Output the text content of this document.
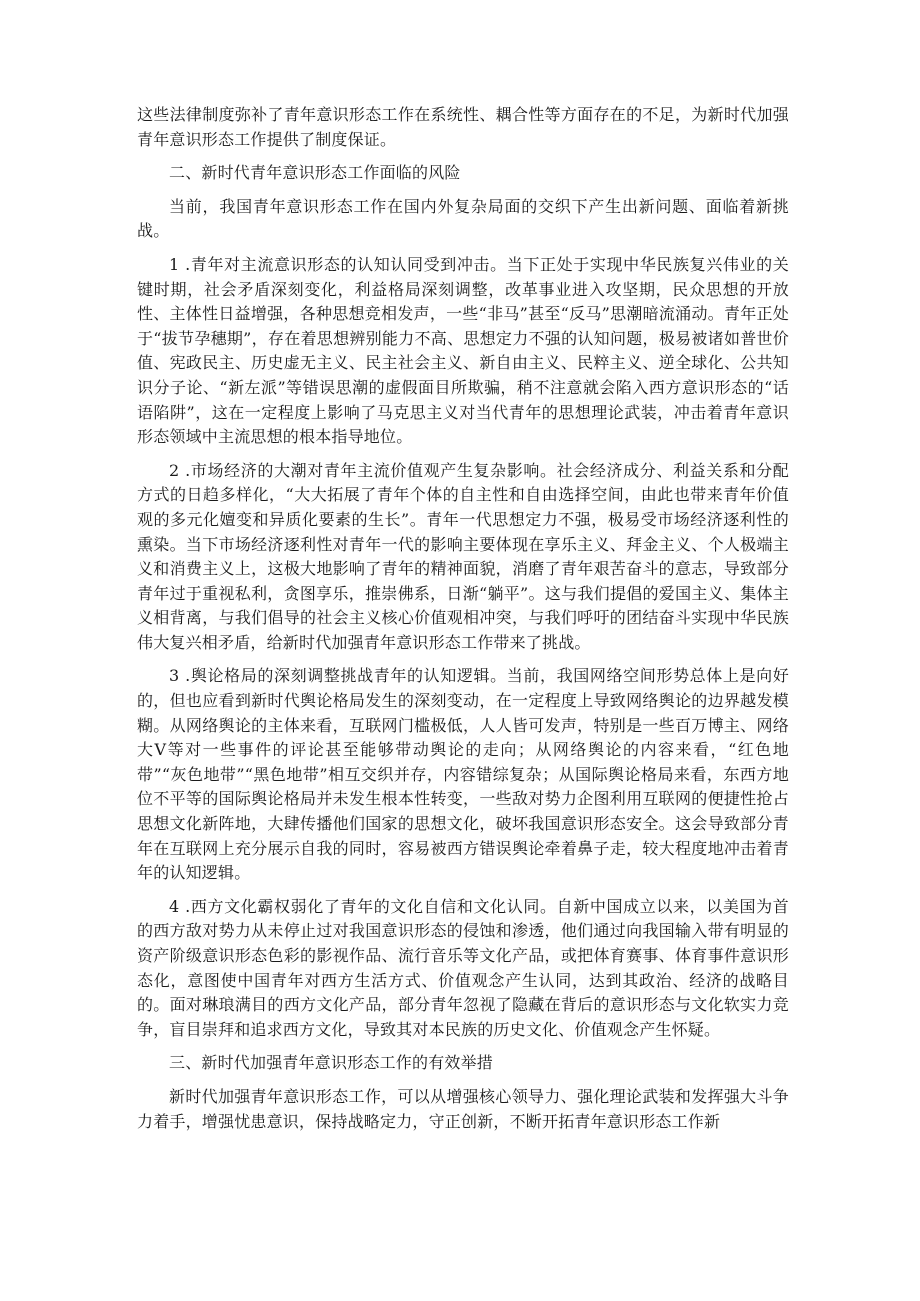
这些法律制度弥补了青年意识形态工作在系统性、耦合性等方面存在的不足，为新时代加强青年意识形态工作提供了制度保证。

二、新时代青年意识形态工作面临的风险

当前，我国青年意识形态工作在国内外复杂局面的交织下产生出新问题、面临着新挑战。

1 .青年对主流意识形态的认知认同受到冲击。当下正处于实现中华民族复兴伟业的关键时期，社会矛盾深刻变化，利益格局深刻调整，改革事业进入攻坚期，民众思想的开放性、主体性日益增强，各种思想竞相发声，一些“非马”甚至“反马”思潮暗流涌动。青年正处于“拔节孕穗期”，存在着思想辨别能力不高、思想定力不强的认知问题，极易被诸如普世价值、宪政民主、历史虚无主义、民主社会主义、新自由主义、民粹主义、逆全球化、公共知识分子论、“新左派”等错误思潮的虚假面目所欺骗，稍不注意就会陷入西方意识形态的“话语陷阱”，这在一定程度上影响了马克思主义对当代青年的思想理论武装，冲击着青年意识形态领域中主流思想的根本指导地位。

2 .市场经济的大潮对青年主流价值观产生复杂影响。社会经济成分、利益关系和分配方式的日趋多样化，“大大拓展了青年个体的自主性和自由选择空间，由此也带来青年价值观的多元化嬗变和异质化要素的生长”。青年一代思想定力不强，极易受市场经济逐利性的熏染。当下市场经济逐利性对青年一代的影响主要体现在享乐主义、拜金主义、个人极端主义和消费主义上，这极大地影响了青年的精神面貌，消磨了青年艰苦奋斗的意志，导致部分青年过于重视私利，贪图享乐，推崇佛系，日渐“躺平”。这与我们提倡的爱国主义、集体主义相背离，与我们倡导的社会主义核心价值观相冲突，与我们呼吁的团结奋斗实现中华民族伟大复兴相矛盾，给新时代加强青年意识形态工作带来了挑战。

3 .舆论格局的深刻调整挑战青年的认知逻辑。当前，我国网络空间形势总体上是向好的，但也应看到新时代舆论格局发生的深刻变动，在一定程度上导致网络舆论的边界越发模糊。从网络舆论的主体来看，互联网门槛极低，人人皆可发声，特别是一些百万博主、网络大V等对一些事件的评论甚至能够带动舆论的走向；从网络舆论的内容来看，“红色地带”“灰色地带”“黑色地带”相互交织并存，内容错综复杂；从国际舆论格局来看，东西方地位不平等的国际舆论格局并未发生根本性转变，一些敌对势力企图利用互联网的便捷性抢占思想文化新阵地，大肆传播他们国家的思想文化，破坏我国意识形态安全。这会导致部分青年在互联网上充分展示自我的同时，容易被西方错误舆论牵着鼻子走，较大程度地冲击着青年的认知逻辑。

4 .西方文化霸权弱化了青年的文化自信和文化认同。自新中国成立以来，以美国为首的西方敌对势力从未停止过对我国意识形态的侵蚀和渗透，他们通过向我国输入带有明显的资产阶级意识形态色彩的影视作品、流行音乐等文化产品，或把体育赛事、体育事件意识形态化，意图使中国青年对西方生活方式、价值观念产生认同，达到其政治、经济的战略目的。面对琳琅满目的西方文化产品，部分青年忽视了隐藏在背后的意识形态与文化软实力竞争，盲目崇拜和追求西方文化，导致其对本民族的历史文化、价值观念产生怀疑。

三、新时代加强青年意识形态工作的有效举措

新时代加强青年意识形态工作，可以从增强核心领导力、强化理论武装和发挥强大斗争力着手，增强忧患意识，保持战略定力，守正创新，不断开拓青年意识形态工作新
